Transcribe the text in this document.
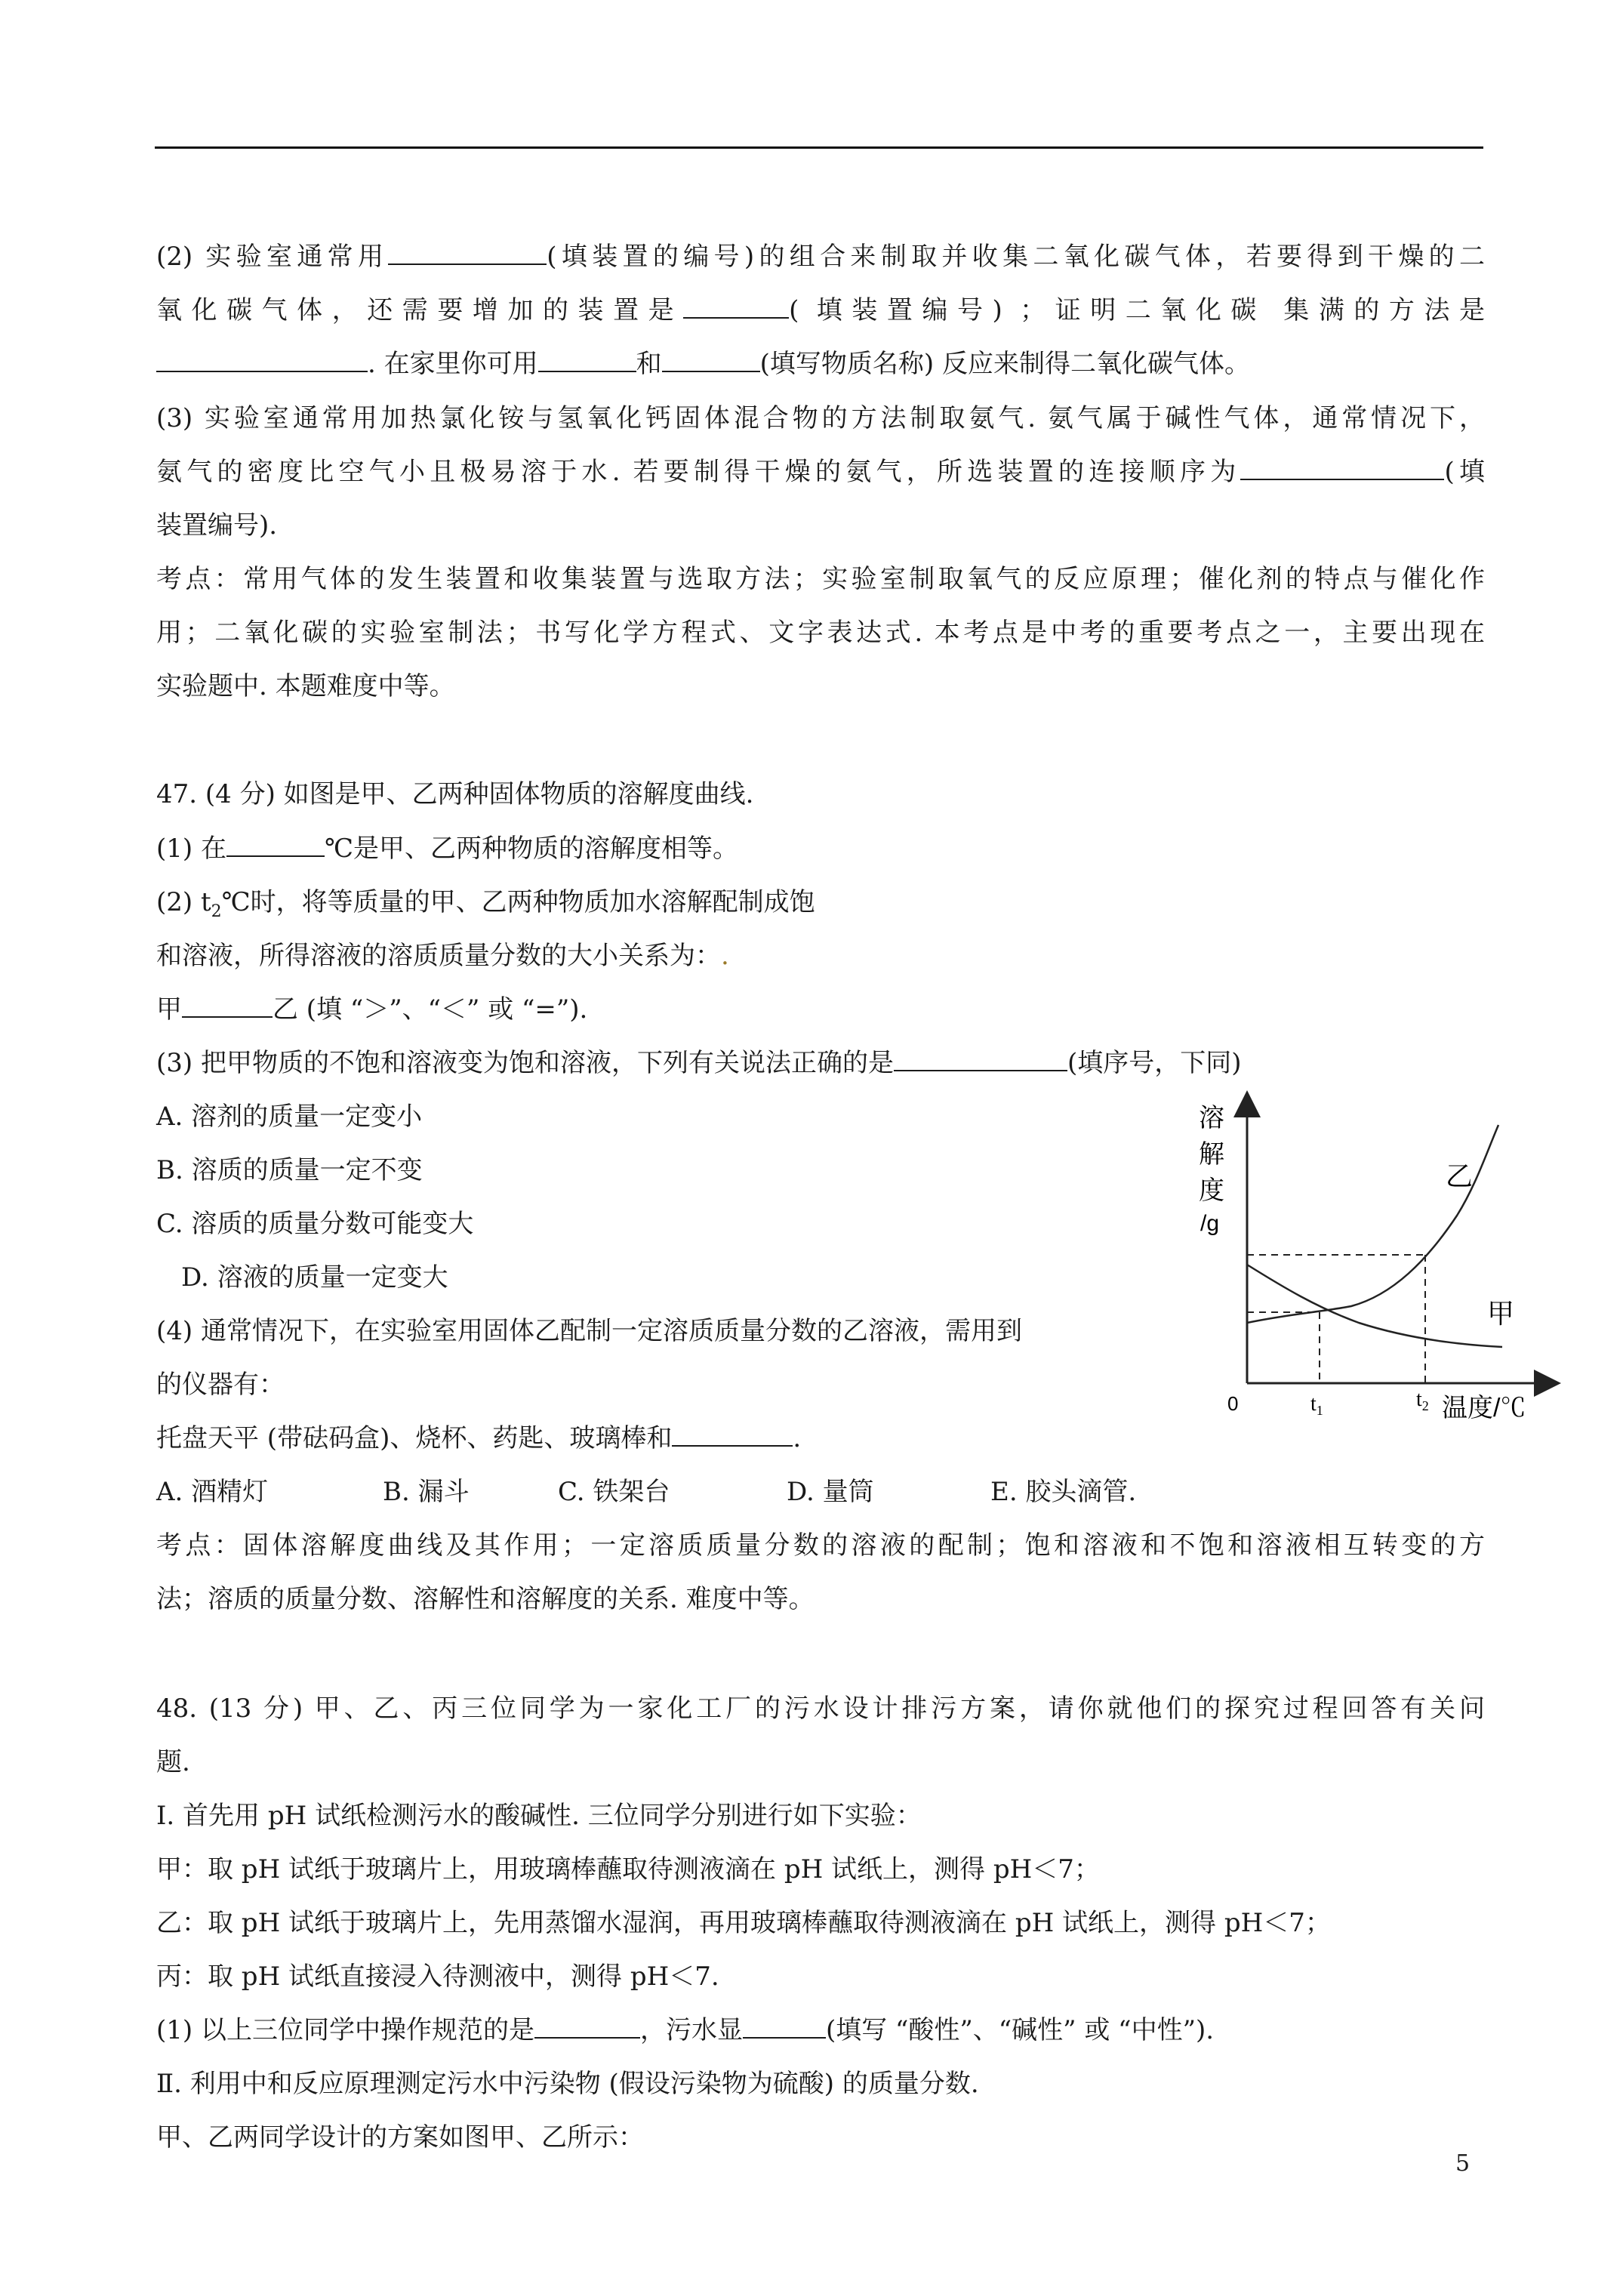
(2) 实验室通常用	(填装置的编号)的组合来制取并收集二氧化碳气体，若要得到干燥的二
氧化碳气体，还需要增加的装置是	( 填装置编号) ；证明二氧化碳 集满的方法是
. 在家里你可用	和	(填写物质名称) 反应来制得二氧化碳气体。
(3) 实验室通常用加热氯化铵与氢氧化钙固体混合物的方法制取氨气. 氨气属于碱性气体，通常情况下，
氨气的密度比空气小且极易溶于水. 若要制得干燥的氨气，所选装置的连接顺序为	(填
装置编号).
考点：常用气体的发生装置和收集装置与选取方法；实验室制取氧气的反应原理；催化剂的特点与催化作
用；二氧化碳的实验室制法；书写化学方程式、文字表达式. 本考点是中考的重要考点之一，主要出现在
实验题中. 本题难度中等。
47. (4 分) 如图是甲、乙两种固体物质的溶解度曲线.
(1) 在	℃是甲、乙两种物质的溶解度相等。
(2) $t_2℃$时，将等质量的甲、乙两种物质加水溶解配制成饱
和溶液，所得溶液的溶质质量分数的大小关系为：.
甲	乙 (填 “＞”、“＜” 或 “=”).
(3) 把甲物质的不饱和溶液变为饱和溶液，下列有关说法正确的是	(填序号，下同)
A. 溶剂的质量一定变小
B. 溶质的质量一定不变
C. 溶质的质量分数可能变大
D. 溶液的质量一定变大
(4) 通常情况下，在实验室用固体乙配制一定溶质质量分数的乙溶液，需用到
的仪器有：
托盘天平 (带砝码盒)、烧杯、药匙、玻璃棒和	.
A. 酒精灯	B. 漏斗	C. 铁架台	D. 量筒	E. 胶头滴管.
考点：固体溶解度曲线及其作用；一定溶质质量分数的溶液的配制；饱和溶液和不饱和溶液相互转变的方
法；溶质的质量分数、溶解性和溶解度的关系. 难度中等。
溶
解
度
/g
乙
甲
0	$t_1$	$t_2$ 温度/℃
48. (13 分) 甲、乙、丙三位同学为一家化工厂的污水设计排污方案，请你就他们的探究过程回答有关问
题.
Ⅰ. 首先用 pH 试纸检测污水的酸碱性. 三位同学分别进行如下实验：
甲：取 pH 试纸于玻璃片上，用玻璃棒蘸取待测液滴在 pH 试纸上，测得 pH＜7；
乙：取 pH 试纸于玻璃片上，先用蒸馏水湿润，再用玻璃棒蘸取待测液滴在 pH 试纸上，测得 pH＜7；
丙：取 pH 试纸直接浸入待测液中，测得 pH＜7.
(1) 以上三位同学中操作规范的是	，污水显	(填写 “酸性”、“碱性” 或 “中性”).
Ⅱ. 利用中和反应原理测定污水中污染物 (假设污染物为硫酸) 的质量分数.
甲、乙两同学设计的方案如图甲、乙所示：
5
